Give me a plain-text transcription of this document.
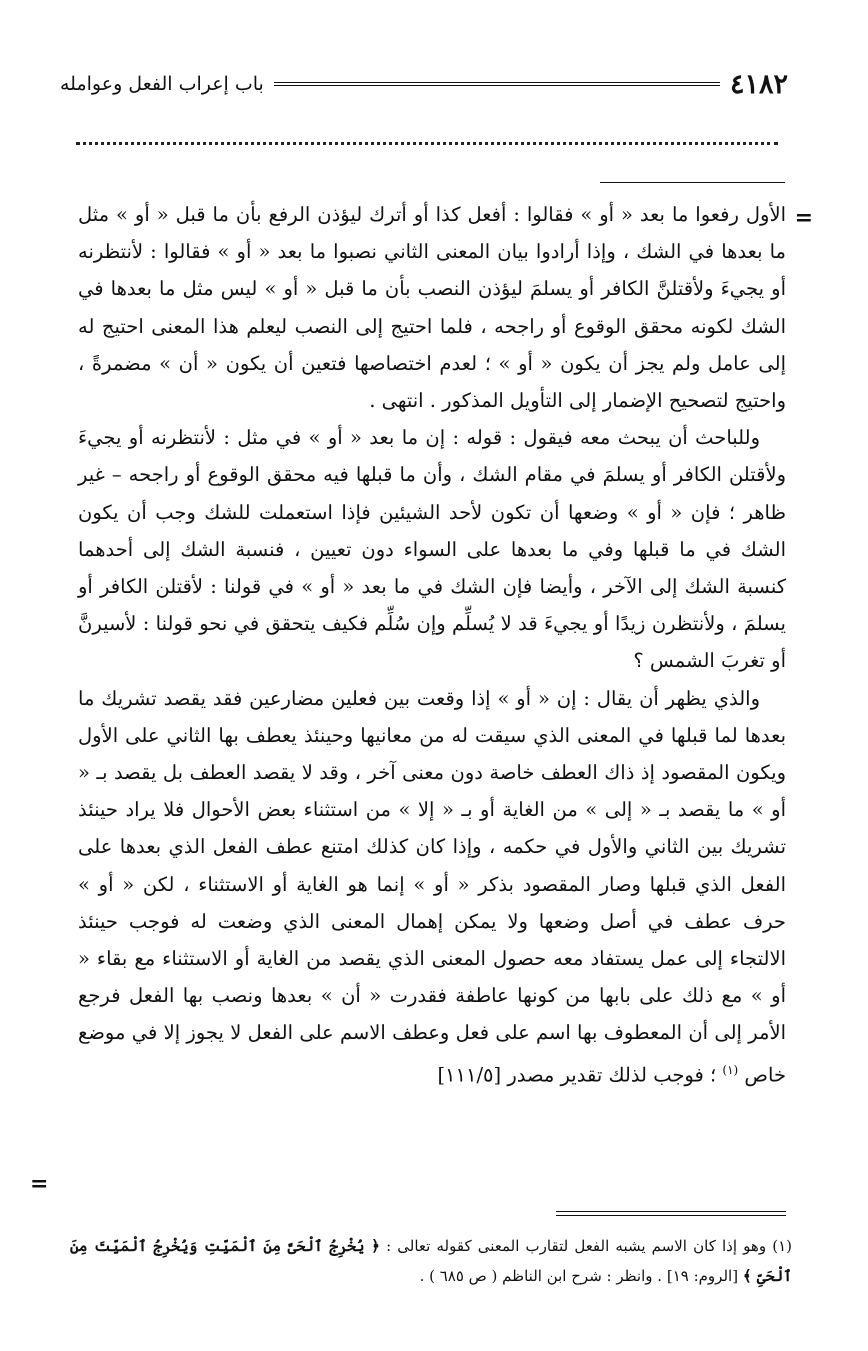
٤١٨٢
باب إعراب الفعل وعوامله
=
=

الأول رفعوا ما بعد « أو » فقالوا : أفعل كذا أو أترك ليؤذن الرفع بأن ما قبل « أو » مثل ما بعدها في الشك ، وإذا أرادوا بيان المعنى الثاني نصبوا ما بعد « أو » فقالوا : لأنتظرنه أو يجيءَ ولأقتلنَّ الكافر أو يسلمَ ليؤذن النصب بأن ما قبل « أو » ليس مثل ما بعدها في الشك لكونه محقق الوقوع أو راجحه ، فلما احتيج إلى النصب ليعلم هذا المعنى احتيج له إلى عامل ولم يجز أن يكون « أو » ؛ لعدم اختصاصها فتعين أن يكون « أن » مضمرةً ، واحتيج لتصحيح الإضمار إلى التأويل المذكور . انتهى .

وللباحث أن يبحث معه فيقول : قوله : إن ما بعد « أو » في مثل : لأنتظرنه أو يجيءَ ولأقتلن الكافر أو يسلمَ في مقام الشك ، وأن ما قبلها فيه محقق الوقوع أو راجحه – غير ظاهر ؛ فإن « أو » وضعها أن تكون لأحد الشيئين فإذا استعملت للشك وجب أن يكون الشك في ما قبلها وفي ما بعدها على السواء دون تعيين ، فنسبة الشك إلى أحدهما كنسبة الشك إلى الآخر ، وأيضا فإن الشك في ما بعد « أو » في قولنا : لأقتلن الكافر أو يسلمَ ، ولأنتظرن زيدًا أو يجيءَ قد لا يُسلِّم وإن سُلِّم فكيف يتحقق في نحو قولنا : لأسيرنَّ أو تغربَ الشمس ؟

والذي يظهر أن يقال : إن « أو » إذا وقعت بين فعلين مضارعين فقد يقصد تشريك ما بعدها لما قبلها في المعنى الذي سيقت له من معانيها وحينئذ يعطف بها الثاني على الأول ويكون المقصود إذ ذاك العطف خاصة دون معنى آخر ، وقد لا يقصد العطف بل يقصد بـ « أو » ما يقصد بـ « إلى » من الغاية أو بـ « إلا » من استثناء بعض الأحوال فلا يراد حينئذ تشريك بين الثاني والأول في حكمه ، وإذا كان كذلك امتنع عطف الفعل الذي بعدها على الفعل الذي قبلها وصار المقصود بذكر « أو » إنما هو الغاية أو الاستثناء ، لكن « أو » حرف عطف في أصل وضعها ولا يمكن إهمال المعنى الذي وضعت له فوجب حينئذ الالتجاء إلى عمل يستفاد معه حصول المعنى الذي يقصد من الغاية أو الاستثناء مع بقاء « أو » مع ذلك على بابها من كونها عاطفة فقدرت « أن » بعدها ونصب بها الفعل فرجع الأمر إلى أن المعطوف بها اسم على فعل وعطف الاسم على الفعل لا يجوز إلا في موضع خاص $^{(١)}$ ؛ فوجب لذلك تقدير مصدر [١١١/٥]

(١) وهو إذا كان الاسم يشبه الفعل لتقارب المعنى كقوله تعالى : ﴿ يُخْرِجُ ٱلْحَىَّ مِنَ ٱلْمَيِّتِ وَيُخْرِجُ ٱلْمَيِّتَ مِنَ ٱلْحَىِّ ﴾ [الروم: ١٩] . وانظر : شرح ابن الناظم ( ص ٦٨٥ ) .
